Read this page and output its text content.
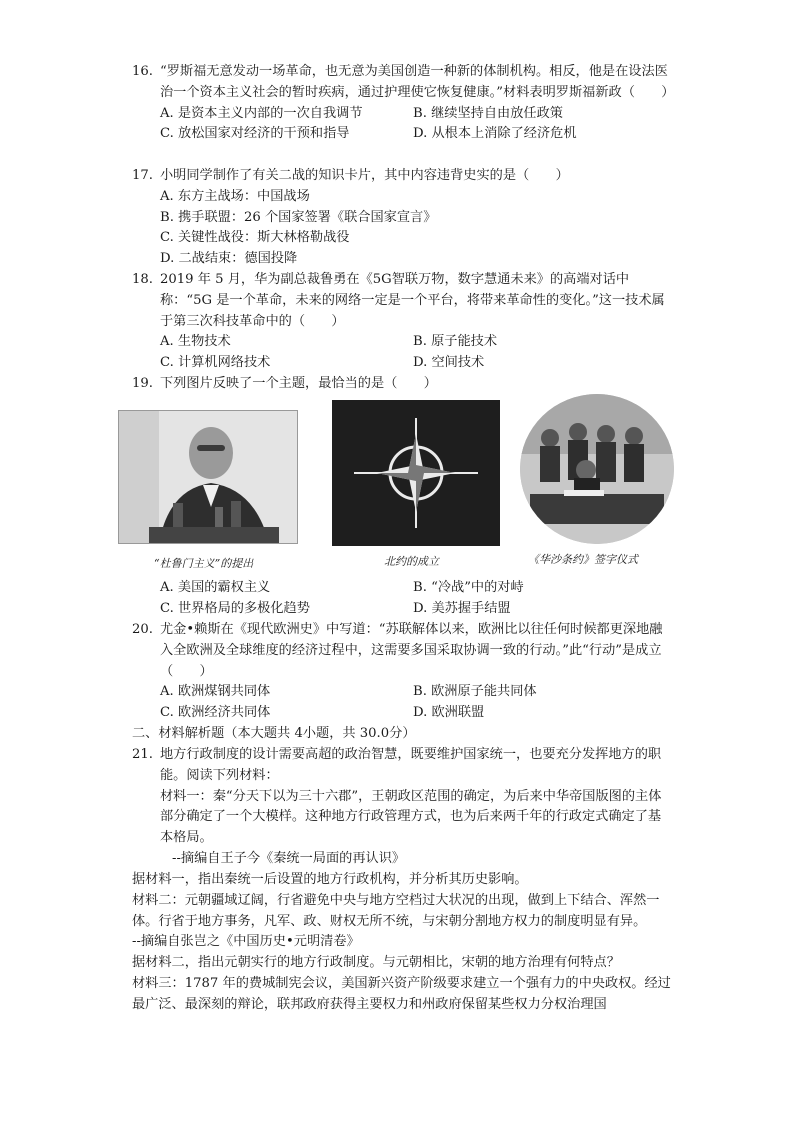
16. “罗斯福无意发动一场革命，也无意为美国创造一种新的体制机构。相反，他是在设法医治一个资本主义社会的暂时疾病，通过护理使它恢复健康。”材料表明罗斯福新政（　　）
A. 是资本主义内部的一次自我调节	B. 继续坚持自由放任政策
C. 放松国家对经济的干预和指导	D. 从根本上消除了经济危机
17. 小明同学制作了有关二战的知识卡片，其中内容违背史实的是（　　）
A. 东方主战场：中国战场
B. 携手联盟：26 个国家签署《联合国家宣言》
C. 关键性战役：斯大林格勒战役
D. 二战结束：德国投降
18. 2019 年 5 月，华为副总裁鲁勇在《5G智联万物，数字慧通未来》的高端对话中称：“5G 是一个革命，未来的网络一定是一个平台，将带来革命性的变化。”这一技术属于第三次科技革命中的（　　）
A. 生物技术	B. 原子能技术
C. 计算机网络技术	D. 空间技术
19. 下列图片反映了一个主题，最恰当的是（　　）
“杜鲁门主义”的提出	北约的成立	《华沙条约》签字仪式
A. 美国的霸权主义	B. “冷战”中的对峙
C. 世界格局的多极化趋势	D. 美苏握手结盟
20. 尤金•赖斯在《现代欧洲史》中写道：“苏联解体以来，欧洲比以往任何时候都更深地融入全欧洲及全球维度的经济过程中，这需要多国采取协调一致的行动。”此“行动”是成立（　　）
A. 欧洲煤钢共同体	B. 欧洲原子能共同体
C. 欧洲经济共同体	D. 欧洲联盟
二、材料解析题（本大题共 4小题，共 30.0分）
21. 地方行政制度的设计需要高超的政治智慧，既要维护国家统一，也要充分发挥地方的职能。阅读下列材料：
材料一：秦“分天下以为三十六郡”，王朝政区范围的确定，为后来中华帝国版图的主体部分确定了一个大模样。这种地方行政管理方式，也为后来两千年的行政定式确定了基本格局。
--摘编自王子今《秦统一局面的再认识》
据材料一，指出秦统一后设置的地方行政机构，并分析其历史影响。
材料二：元朝疆域辽阔，行省避免中央与地方空档过大状况的出现，做到上下结合、浑然一体。行省于地方事务，凡军、政、财权无所不统，与宋朝分割地方权力的制度明显有异。
--摘编自张岂之《中国历史•元明清卷》
据材料二，指出元朝实行的地方行政制度。与元朝相比，宋朝的地方治理有何特点？
材料三：1787 年的费城制宪会议，美国新兴资产阶级要求建立一个强有力的中央政权。经过最广泛、最深刻的辩论，联邦政府获得主要权力和州政府保留某些权力分权治理国
